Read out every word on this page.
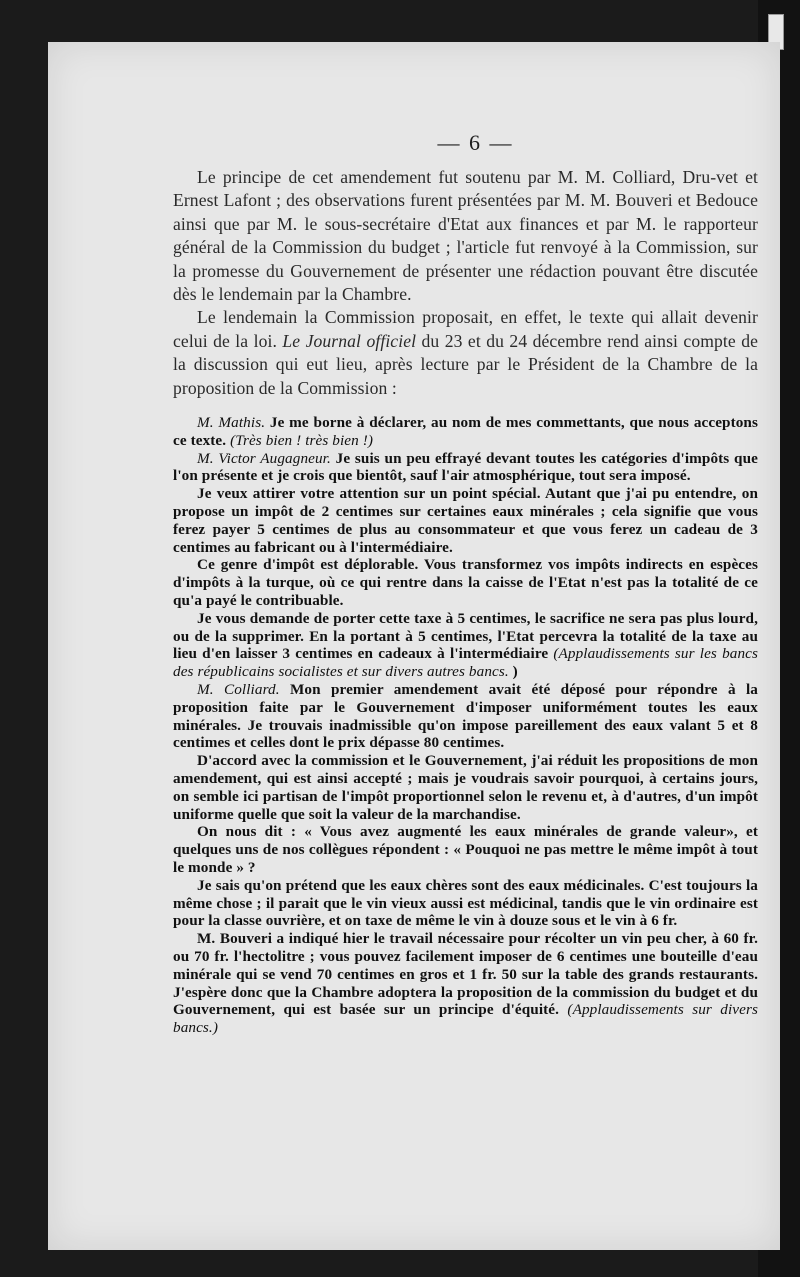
— 6 —

Le principe de cet amendement fut soutenu par M. M. Colliard, Dru-vet et Ernest Lafont ; des observations furent présentées par M. M. Bouveri et Bedouce ainsi que par M. le sous-secrétaire d'Etat aux finances et par M. le rapporteur général de la Commission du budget ; l'article fut renvoyé à la Commission, sur la promesse du Gouvernement de présenter une rédaction pouvant être discutée dès le lendemain par la Chambre.

Le lendemain la Commission proposait, en effet, le texte qui allait devenir celui de la loi. Le Journal officiel du 23 et du 24 décembre rend ainsi compte de la discussion qui eut lieu, après lecture par le Président de la Chambre de la proposition de la Commission :

M. Mathis. Je me borne à déclarer, au nom de mes commettants, que nous acceptons ce texte. (Très bien ! très bien !)

M. Victor Augagneur. Je suis un peu effrayé devant toutes les catégories d'impôts que l'on présente et je crois que bientôt, sauf l'air atmosphérique, tout sera imposé.

Je veux attirer votre attention sur un point spécial. Autant que j'ai pu entendre, on propose un impôt de 2 centimes sur certaines eaux minérales ; cela signifie que vous ferez payer 5 centimes de plus au consommateur et que vous ferez un cadeau de 3 centimes au fabricant ou à l'intermédiaire.

Ce genre d'impôt est déplorable. Vous transformez vos impôts indirects en espèces d'impôts à la turque, où ce qui rentre dans la caisse de l'Etat n'est pas la totalité de ce qu'a payé le contribuable.

Je vous demande de porter cette taxe à 5 centimes, le sacrifice ne sera pas plus lourd, ou de la supprimer. En la portant à 5 centimes, l'Etat percevra la totalité de la taxe au lieu d'en laisser 3 centimes en cadeaux à l'intermédiaire (Applaudissements sur les bancs des républicains socialistes et sur divers autres bancs. )

M. Colliard. Mon premier amendement avait été déposé pour répondre à la proposition faite par le Gouvernement d'imposer uniformément toutes les eaux minérales. Je trouvais inadmissible qu'on impose pareillement des eaux valant 5 et 8 centimes et celles dont le prix dépasse 80 centimes.

D'accord avec la commission et le Gouvernement, j'ai réduit les propositions de mon amendement, qui est ainsi accepté ; mais je voudrais savoir pourquoi, à certains jours, on semble ici partisan de l'impôt proportionnel selon le revenu et, à d'autres, d'un impôt uniforme quelle que soit la valeur de la marchandise.

On nous dit : « Vous avez augmenté les eaux minérales de grande valeur», et quelques uns de nos collègues répondent : « Pouquoi ne pas mettre le même impôt à tout le monde » ?

Je sais qu'on prétend que les eaux chères sont des eaux médicinales. C'est toujours la même chose ; il parait que le vin vieux aussi est médicinal, tandis que le vin ordinaire est pour la classe ouvrière, et on taxe de même le vin à douze sous et le vin à 6 fr.

M. Bouveri a indiqué hier le travail nécessaire pour récolter un vin peu cher, à 60 fr. ou 70 fr. l'hectolitre ; vous pouvez facilement imposer de 6 centimes une bouteille d'eau minérale qui se vend 70 centimes en gros et 1 fr. 50 sur la table des grands restaurants. J'espère donc que la Chambre adoptera la proposition de la commission du budget et du Gouvernement, qui est basée sur un principe d'équité. (Applaudissements sur divers bancs.)
